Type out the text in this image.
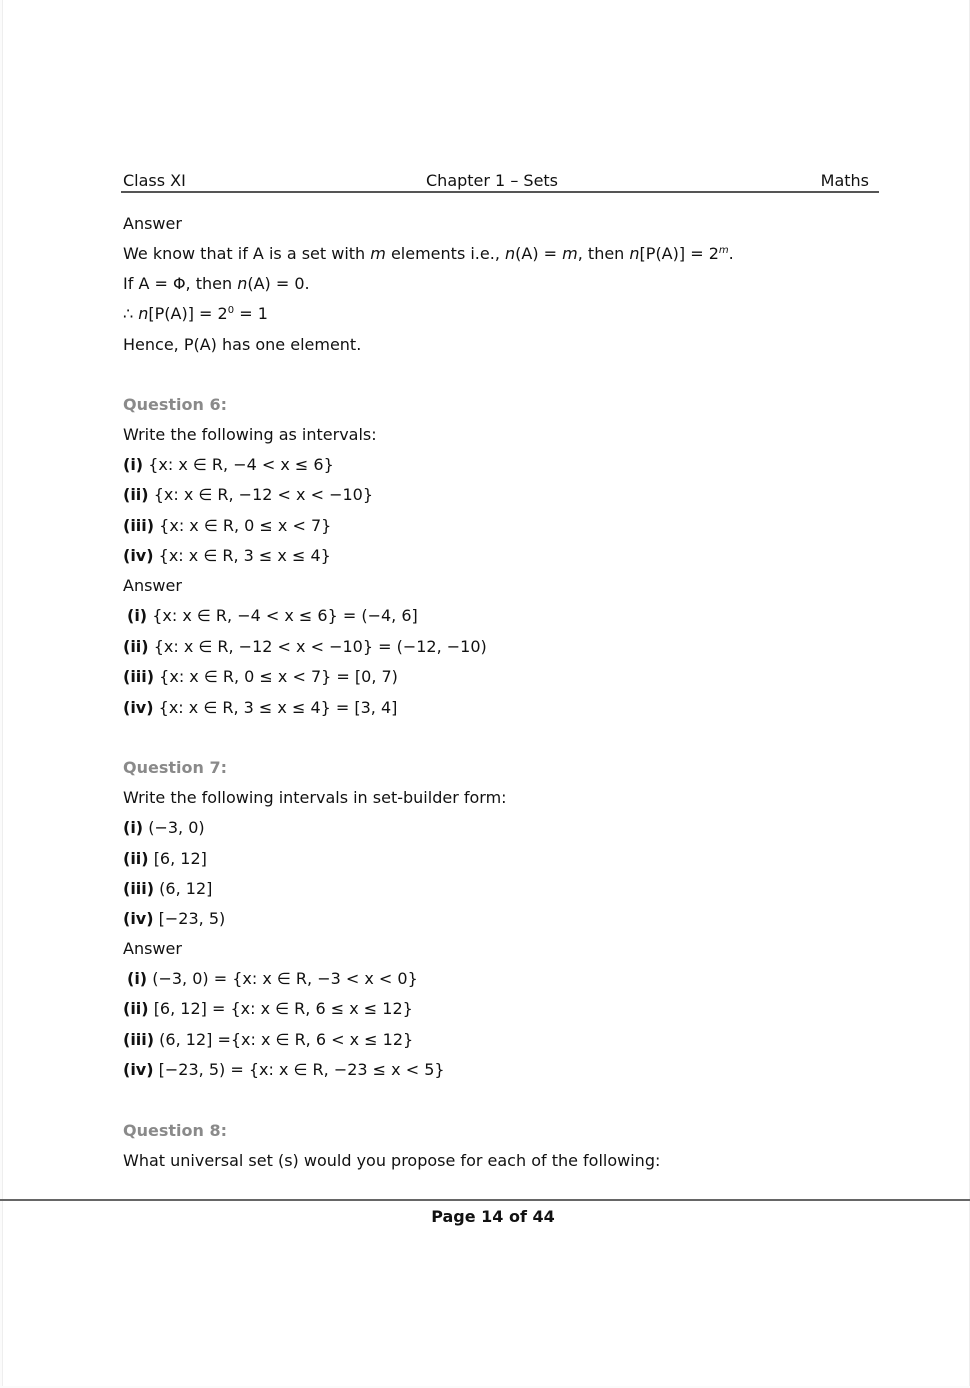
Class XI	Chapter 1 – Sets	Maths
Answer
We know that if A is a set with m elements i.e., n(A) = m, then $n[P(A)] = 2^m$.
If A = Φ, then n(A) = 0.
∴ $n[P(A)] = 2^0 = 1$
Hence, P(A) has one element.
Question 6:
Write the following as intervals:
(i) {x: x ∈ R, −4 < x ≤ 6}
(ii) {x: x ∈ R, −12 < x < −10}
(iii) {x: x ∈ R, 0 ≤ x < 7}
(iv) {x: x ∈ R, 3 ≤ x ≤ 4}
Answer
(i) {x: x ∈ R, −4 < x ≤ 6} = (−4, 6]
(ii) {x: x ∈ R, −12 < x < −10} = (−12, −10)
(iii) {x: x ∈ R, 0 ≤ x < 7} = [0, 7)
(iv) {x: x ∈ R, 3 ≤ x ≤ 4} = [3, 4]
Question 7:
Write the following intervals in set-builder form:
(i) (−3, 0)
(ii) [6, 12]
(iii) (6, 12]
(iv) [−23, 5)
Answer
(i) (−3, 0) = {x: x ∈ R, −3 < x < 0}
(ii) [6, 12] = {x: x ∈ R, 6 ≤ x ≤ 12}
(iii) (6, 12] ={x: x ∈ R, 6 < x ≤ 12}
(iv) [−23, 5) = {x: x ∈ R, −23 ≤ x < 5}
Question 8:
What universal set (s) would you propose for each of the following:
Page 14 of 44
